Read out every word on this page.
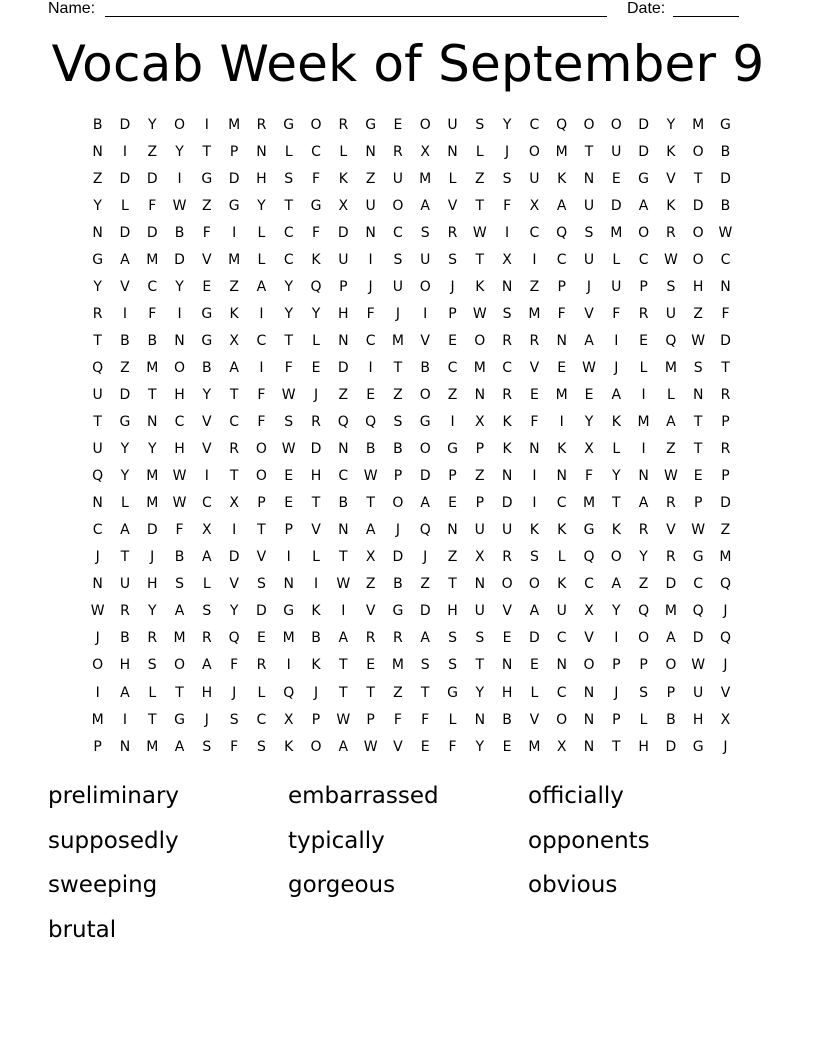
Name:	Date:
Vocab Week of September 9
B	D	Y	O	I	M	R	G	O	R	G	E	O	U	S	Y	C	Q	O	O	D	Y	M	G
N	I	Z	Y	T	P	N	L	C	L	N	R	X	N	L	J	O	M	T	U	D	K	O	B
Z	D	D	I	G	D	H	S	F	K	Z	U	M	L	Z	S	U	K	N	E	G	V	T	D
Y	L	F	W	Z	G	Y	T	G	X	U	O	A	V	T	F	X	A	U	D	A	K	D	B
N	D	D	B	F	I	L	C	F	D	N	C	S	R	W	I	C	Q	S	M	O	R	O	W
G	A	M	D	V	M	L	C	K	U	I	S	U	S	T	X	I	C	U	L	C	W	O	C
Y	V	C	Y	E	Z	A	Y	Q	P	J	U	O	J	K	N	Z	P	J	U	P	S	H	N
R	I	F	I	G	K	I	Y	Y	H	F	J	I	P	W	S	M	F	V	F	R	U	Z	F
T	B	B	N	G	X	C	T	L	N	C	M	V	E	O	R	R	N	A	I	E	Q	W	D
Q	Z	M	O	B	A	I	F	E	D	I	T	B	C	M	C	V	E	W	J	L	M	S	T
U	D	T	H	Y	T	F	W	J	Z	E	Z	O	Z	N	R	E	M	E	A	I	L	N	R
T	G	N	C	V	C	F	S	R	Q	Q	S	G	I	X	K	F	I	Y	K	M	A	T	P
U	Y	Y	H	V	R	O	W	D	N	B	B	O	G	P	K	N	K	X	L	I	Z	T	R
Q	Y	M	W	I	T	O	E	H	C	W	P	D	P	Z	N	I	N	F	Y	N	W	E	P
N	L	M	W	C	X	P	E	T	B	T	O	A	E	P	D	I	C	M	T	A	R	P	D
C	A	D	F	X	I	T	P	V	N	A	J	Q	N	U	U	K	K	G	K	R	V	W	Z
J	T	J	B	A	D	V	I	L	T	X	D	J	Z	X	R	S	L	Q	O	Y	R	G	M
N	U	H	S	L	V	S	N	I	W	Z	B	Z	T	N	O	O	K	C	A	Z	D	C	Q
W	R	Y	A	S	Y	D	G	K	I	V	G	D	H	U	V	A	U	X	Y	Q	M	Q	J
J	B	R	M	R	Q	E	M	B	A	R	R	A	S	S	E	D	C	V	I	O	A	D	Q
O	H	S	O	A	F	R	I	K	T	E	M	S	S	T	N	E	N	O	P	P	O	W	J
I	A	L	T	H	J	L	Q	J	T	T	Z	T	G	Y	H	L	C	N	J	S	P	U	V
M	I	T	G	J	S	C	X	P	W	P	F	F	L	N	B	V	O	N	P	L	B	H	X
P	N	M	A	S	F	S	K	O	A	W	V	E	F	Y	E	M	X	N	T	H	D	G	J
preliminary	embarrassed	officially
supposedly	typically	opponents
sweeping	gorgeous	obvious
brutal
